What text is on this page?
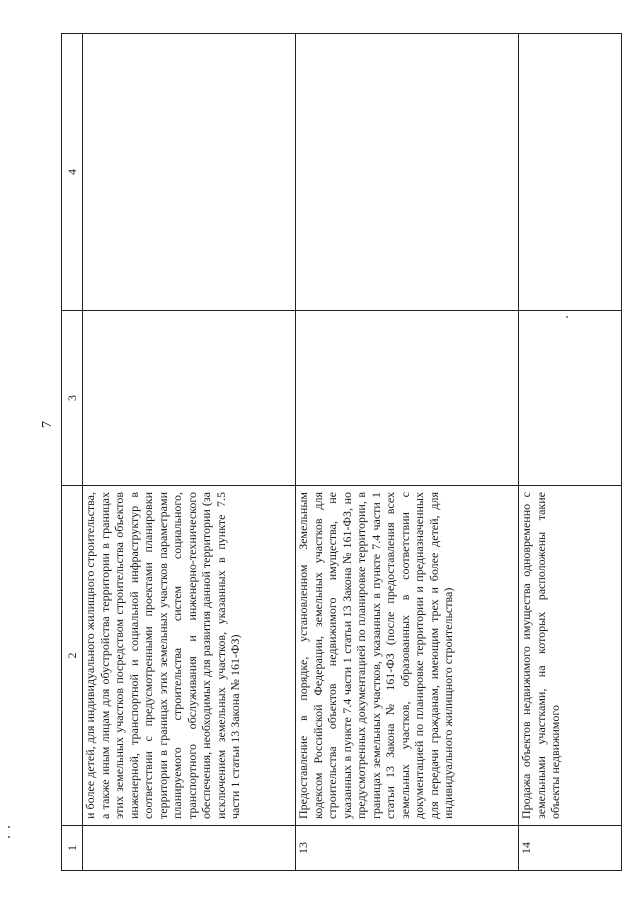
7
1	2	3	4

	и более детей, для индивидуального жилищного строительства, а также иным лицам для обустройства территории в границах этих земельных участков посредством строительства объектов инженерной, транспортной и социальной инфраструктур в соответствии с предусмотренными проектами планировки территории в границах этих земельных участков параметрами планируемого строительства систем социального, транспортного обслуживания и инженерно-технического обеспечения, необходимых для развития данной территории (за исключением земельных участков, указанных в пункте 7.5 части 1 статьи 13 Закона № 161-ФЗ)		

13	Предоставление в порядке, установленном Земельным кодексом Российской Федерации, земельных участков для строительства объектов недвижимого имущества, не указанных в пункте 7.4 части 1 статьи 13 Закона № 161-ФЗ, но предусмотренных документацией по планировке территории, в границах земельных участков, указанных в пункте 7.4 части 1 статьи 13 Закона № 161-ФЗ (после предоставления всех земельных участков, образованных в соответствии с документацией по планировке территории и предназначенных для передачи гражданам, имеющим трех и более детей, для индивидуального жилищного строительства)		

14	Продажа объектов недвижимого имущества одновременно с земельными участками, на которых расположены такие объекты недвижимого		
